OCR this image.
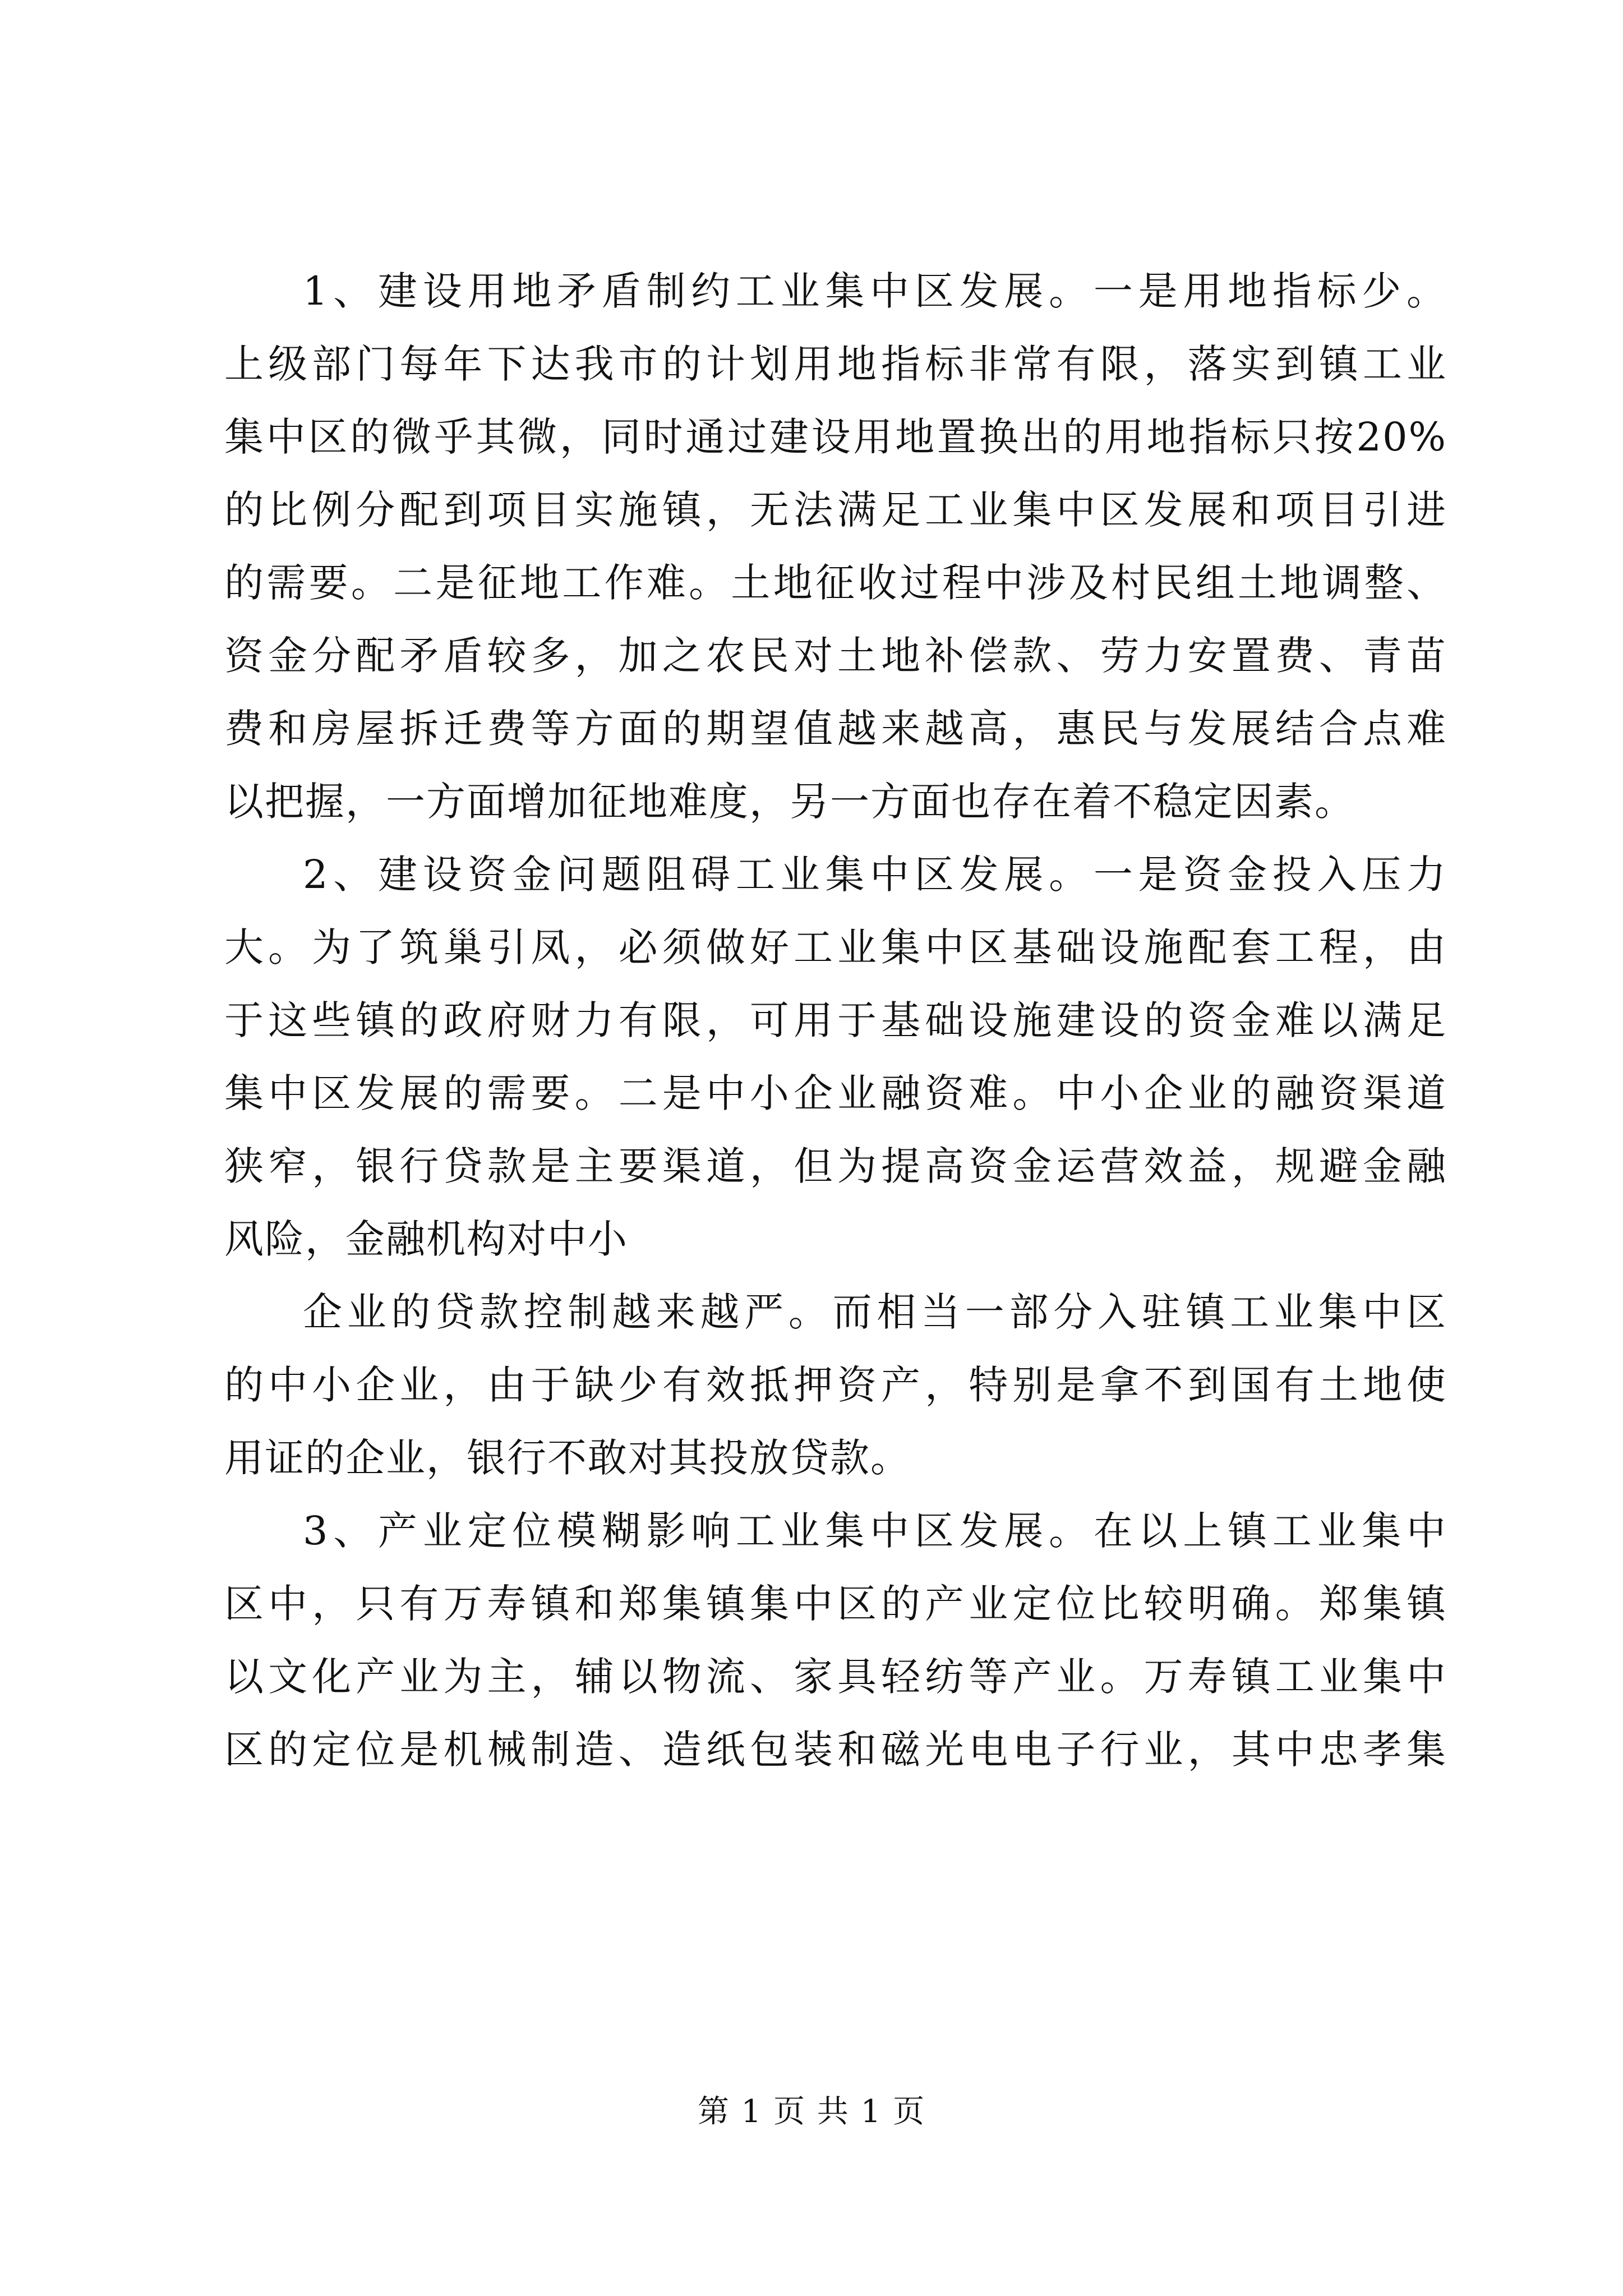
1、建设用地矛盾制约工业集中区发展。一是用地指标少。
上级部门每年下达我市的计划用地指标非常有限，落实到镇工业
集中区的微乎其微，同时通过建设用地置换出的用地指标只按20%
的比例分配到项目实施镇，无法满足工业集中区发展和项目引进
的需要。二是征地工作难。土地征收过程中涉及村民组土地调整、
资金分配矛盾较多，加之农民对土地补偿款、劳力安置费、青苗
费和房屋拆迁费等方面的期望值越来越高，惠民与发展结合点难
以把握，一方面增加征地难度，另一方面也存在着不稳定因素。
2、建设资金问题阻碍工业集中区发展。一是资金投入压力
大。为了筑巢引凤，必须做好工业集中区基础设施配套工程，由
于这些镇的政府财力有限，可用于基础设施建设的资金难以满足
集中区发展的需要。二是中小企业融资难。中小企业的融资渠道
狭窄，银行贷款是主要渠道，但为提高资金运营效益，规避金融
风险，金融机构对中小
企业的贷款控制越来越严。而相当一部分入驻镇工业集中区
的中小企业，由于缺少有效抵押资产，特别是拿不到国有土地使
用证的企业，银行不敢对其投放贷款。
3、产业定位模糊影响工业集中区发展。在以上镇工业集中
区中，只有万寿镇和郑集镇集中区的产业定位比较明确。郑集镇
以文化产业为主，辅以物流、家具轻纺等产业。万寿镇工业集中
区的定位是机械制造、造纸包装和磁光电电子行业，其中忠孝集
第 1 页 共 1 页
